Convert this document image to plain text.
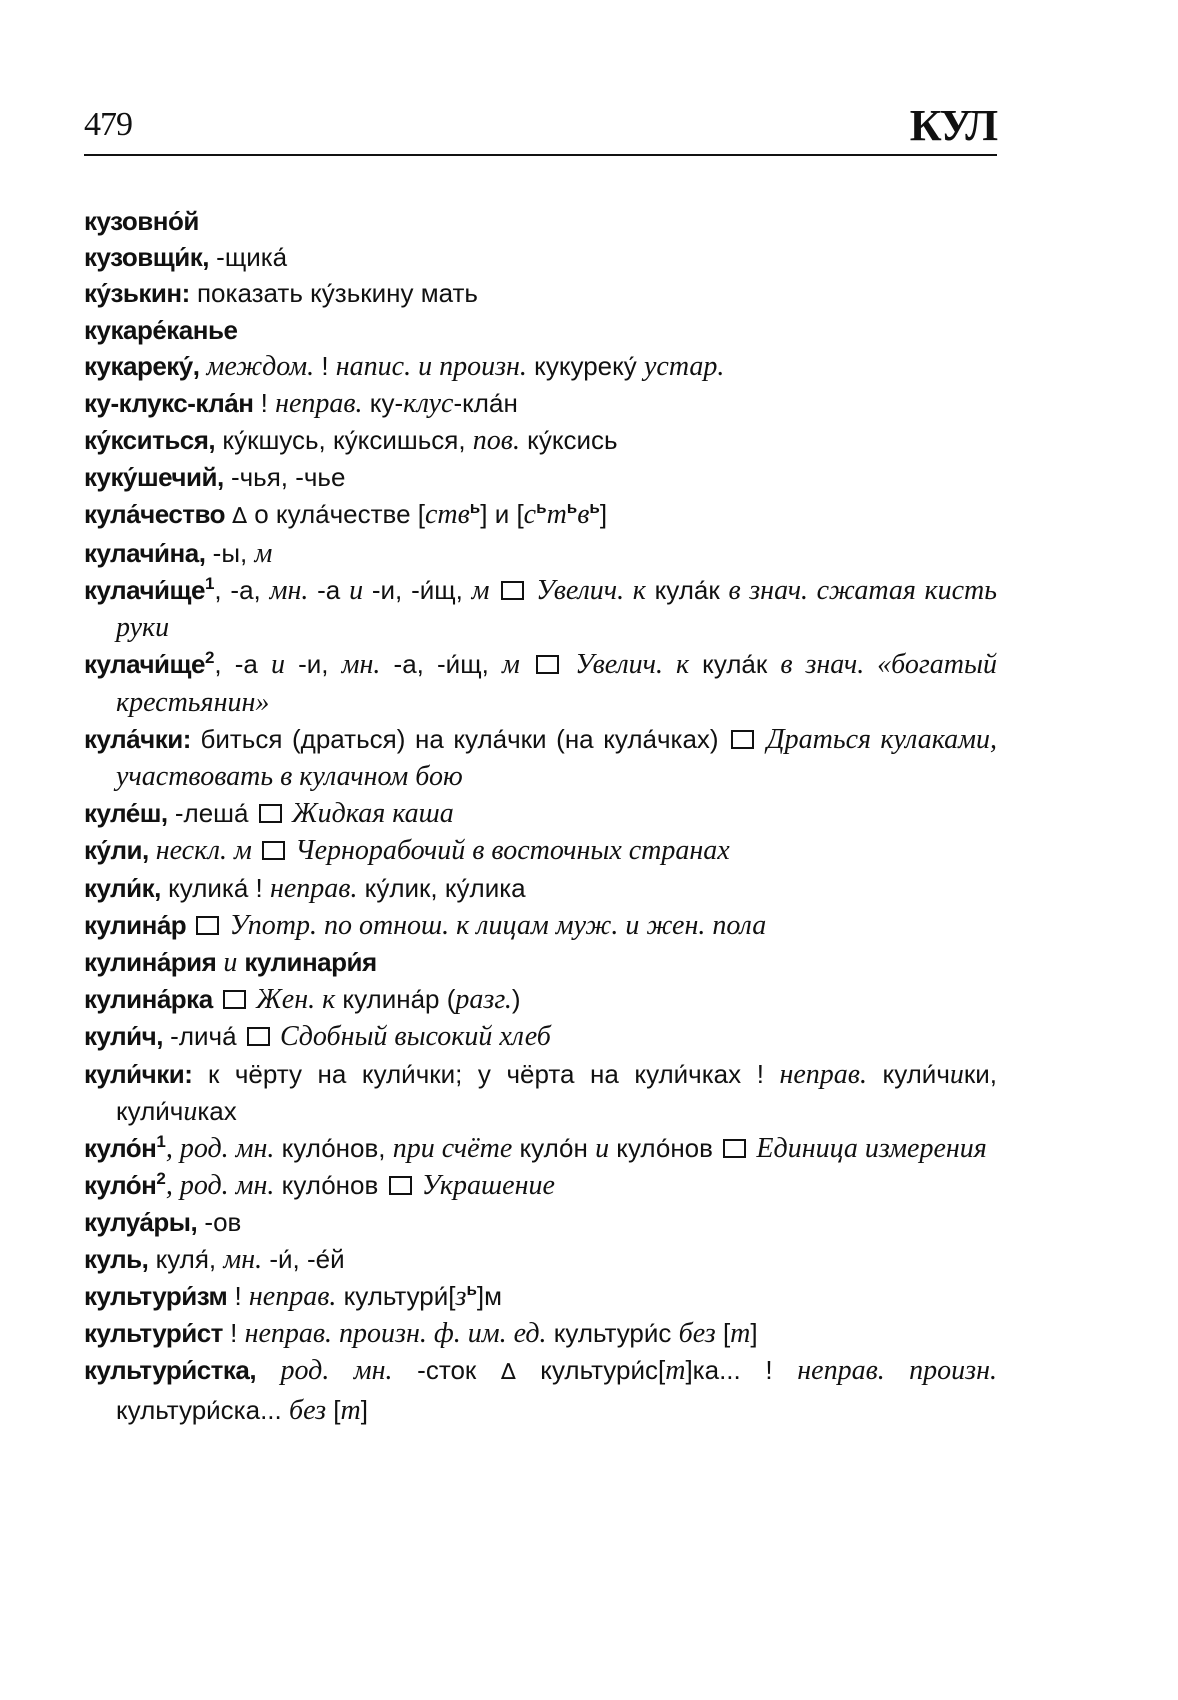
479	КУЛ

кузовно́й

кузовщи́к, -щика́

ку́зькин: показать ку́зькину мать

кукаре́канье

кукареку́, междом. ! напис. и произн. кукуреку́ устар.

ку-клукс-кла́н ! неправ. ку-клус-кла́н

ку́кситься, ку́кшусь, ку́ксишься, пов. ку́ксись

куку́шечий, -чья, -чье

кула́чество ∆ о кула́честве [ств$^ь$] и $[с^ьт^ьв^ь]$

кулачи́на, -ы, м

$кулачи́ще^1$, -а, мн. -а и -и, -и́щ, м Увелич. к кула́к в знач. сжатая кисть руки

$кулачи́ще^2$, -а и -и, мн. -а, -и́щ, м Увелич. к кула́к в знач. «богатый крестьянин»

кула́чки: биться (драться) на кула́чки (на кула́чках) Драться кулаками, участвовать в кулачном бою

куле́ш, -леша́ Жидкая каша

ку́ли, нескл. м Чернорабочий в восточных странах

кули́к, кулика́ ! неправ. ку́лик, ку́лика

кулина́р Употр. по отнош. к лицам муж. и жен. пола

кулина́рия и кулинари́я

кулина́рка Жен. к кулина́р (разг.)

кули́ч, -лича́ Сдобный высокий хлеб

кули́чки: к чёрту на кули́чки; у чёрта на кули́чках ! неправ. кули́чики, кули́чиках

$куло́н^1$, род. мн. куло́нов, при счёте куло́н и куло́нов Единица измерения

$куло́н^2$, род. мн. куло́нов Украшение

кулуа́ры, -ов

куль, куля́, мн. -и́, -е́й

культури́зм ! неправ. $культури́[з^ь]м$

культури́ст ! неправ. произн. ф. им. ед. культури́с без [т]

культури́стка, род. мн. -сток ∆ культури́с[т]ка... ! неправ. произн. культури́ска... без [т]
